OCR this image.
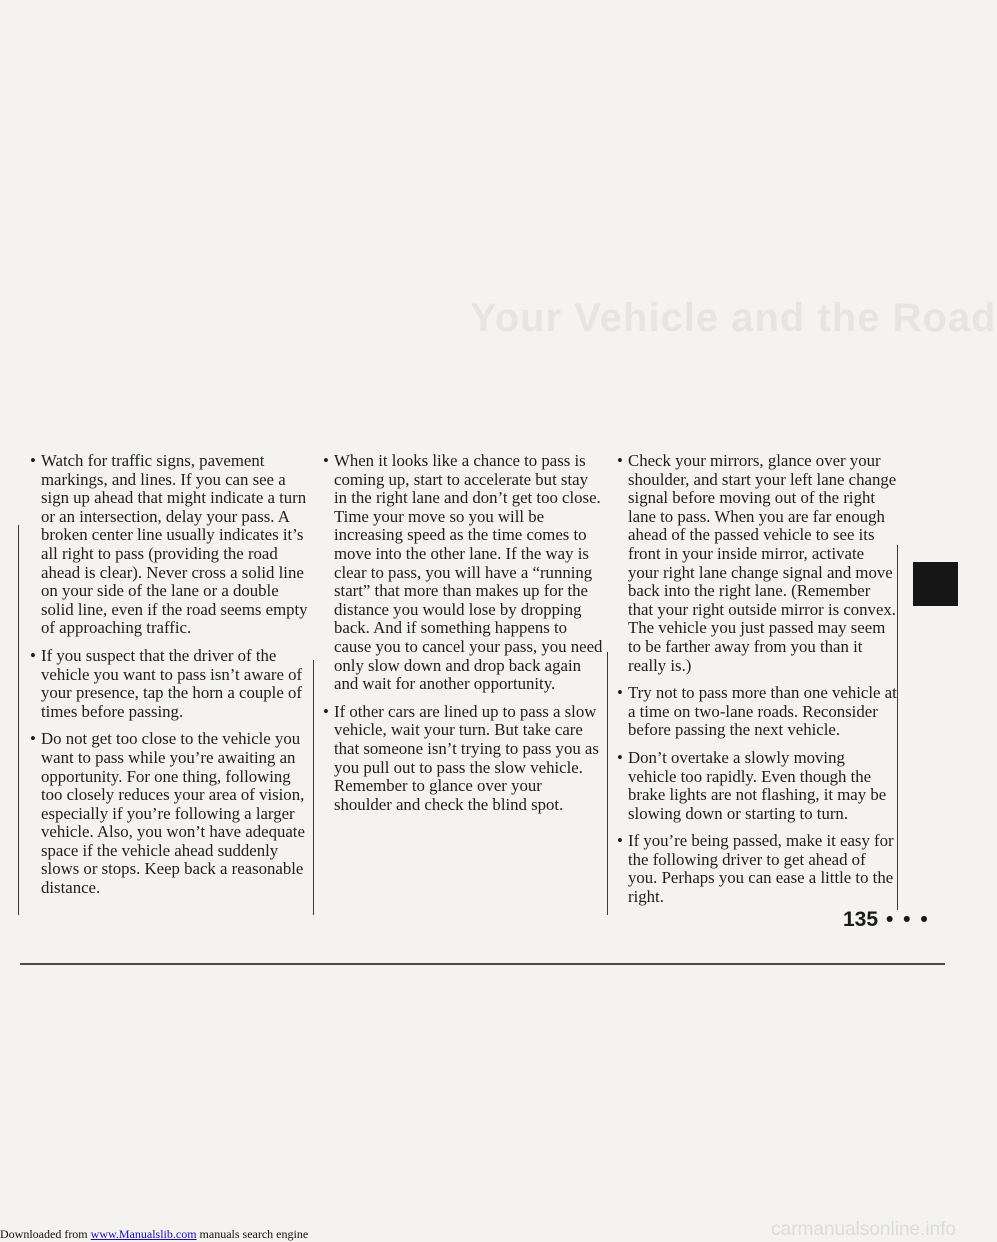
Your Vehicle and the Road
• Watch for traffic signs, pavement markings, and lines. If you can see a sign up ahead that might indicate a turn or an intersection, delay your pass. A broken center line usually indicates it’s all right to pass (providing the road ahead is clear). Never cross a solid line on your side of the lane or a double solid line, even if the road seems empty of approaching traffic.
• If you suspect that the driver of the vehicle you want to pass isn’t aware of your presence, tap the horn a couple of times before passing.
• Do not get too close to the vehicle you want to pass while you’re awaiting an opportunity. For one thing, following too closely reduces your area of vision, especially if you’re following a larger vehicle. Also, you won’t have adequate space if the vehicle ahead suddenly slows or stops. Keep back a reasonable distance.
• When it looks like a chance to pass is coming up, start to accelerate but stay in the right lane and don’t get too close. Time your move so you will be increasing speed as the time comes to move into the other lane. If the way is clear to pass, you will have a “running start” that more than makes up for the distance you would lose by dropping back. And if something happens to cause you to cancel your pass, you need only slow down and drop back again and wait for another opportunity.
• If other cars are lined up to pass a slow vehicle, wait your turn. But take care that someone isn’t trying to pass you as you pull out to pass the slow vehicle. Remember to glance over your shoulder and check the blind spot.
• Check your mirrors, glance over your shoulder, and start your left lane change signal before moving out of the right lane to pass. When you are far enough ahead of the passed vehicle to see its front in your inside mirror, activate your right lane change signal and move back into the right lane. (Remember that your right outside mirror is convex. The vehicle you just passed may seem to be farther away from you than it really is.)
• Try not to pass more than one vehicle at a time on two-lane roads. Reconsider before passing the next vehicle.
• Don’t overtake a slowly moving vehicle too rapidly. Even though the brake lights are not flashing, it may be slowing down or starting to turn.
• If you’re being passed, make it easy for the following driver to get ahead of you. Perhaps you can ease a little to the right.
135 • • •
Downloaded from www.Manualslib.com manuals search engine	carmanualsonline.info
